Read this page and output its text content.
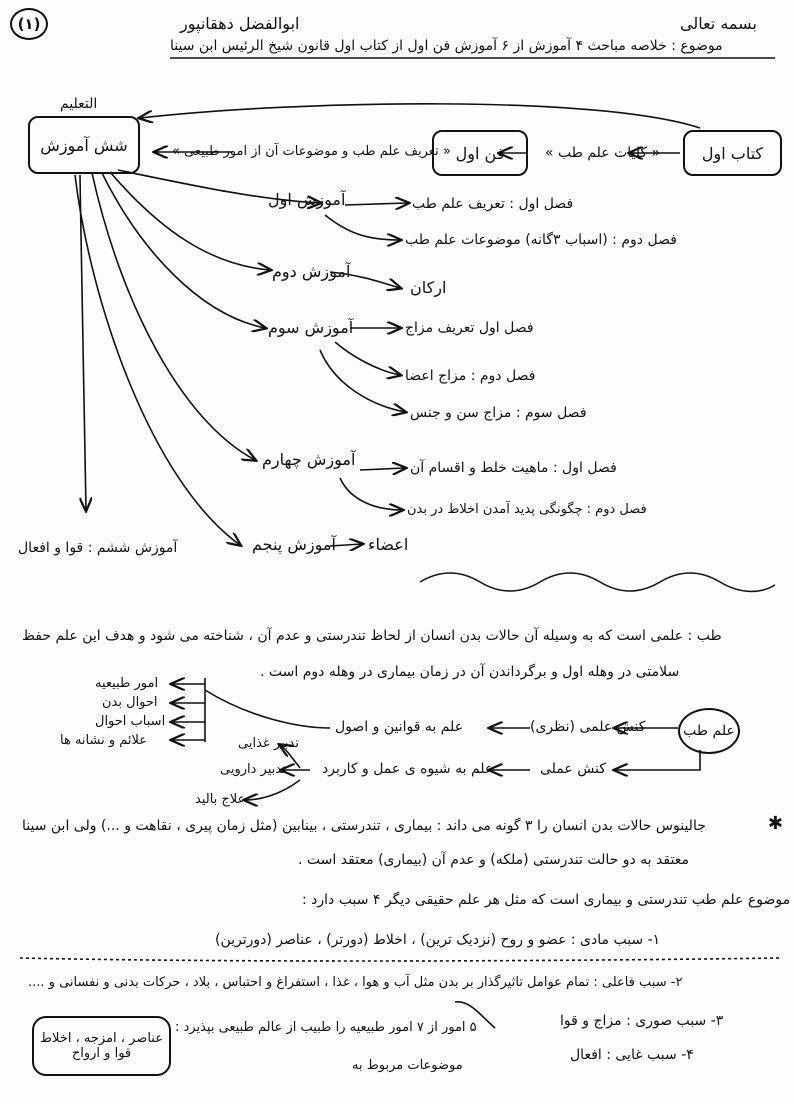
✱
(۱)	ابوالفضل دهقانپور	بسمه تعالی
موضوع : خلاصه مباحث ۴ آموزش از ۶ آموزش فن اول از کتاب اول قانون شیخ الرئیس ابن سینا
کتاب اول
« کلیات علم طب »
فن اول
« تعریف علم طب و موضوعات آن از امور طبیعی »
التعلیم
شش آموزش
آموزش اول	فصل اول : تعریف علم طب
فصل دوم : (اسباب ۳گانه) موضوعات علم طب
آموزش دوم
ارکان
آموزش سوم	فصل اول تعریف مزاج
فصل دوم : مزاج اعضا
فصل سوم : مزاج سن و جنس
آموزش چهارم	فصل اول : ماهیت خلط و اقسام آن
فصل دوم : چگونگی پدید آمدن اخلاط در بدن
آموزش پنجم اعضاء
آموزش ششم : قوا و افعال
طب : علمی است که به وسیله آن حالات بدن انسان از لحاظ تندرستی و عدم آن ، شناخته می شود و هدف این علم حفظ
سلامتی در وهله اول و برگرداندن آن در زمان بیماری در وهله دوم است .
علم طب
کنش علمی (نظری)
علم به قوانین و اصول
کنش عملی
علم به شیوه ی عمل و کاربرد
امور طبیعیه
احوال بدن
اسباب احوال
علائم و نشانه ها	تدبیر غذایی
تدبیر دارویی
علاج بالید
جالینوس حالات بدن انسان را ۳ گونه می داند : بیماری ، تندرستی ، بینابین (مثل زمان پیری ، نقاهت و ...) ولی ابن سینا
معتقد به دو حالت تندرستی (ملکه) و عدم آن (بیماری) معتقد است .
موضوع علم طب تندرستی و بیماری است که مثل هر علم حقیقی دیگر ۴ سبب دارد :
۱- سبب مادی : عضو و روح (نزدیک ترین) ، اخلاط (دورتر) ، عناصر (دورترین)
۲- سبب فاعلی : تمام عوامل تاثیرگذار بر بدن مثل آب و هوا ، غذا ، استفراغ و احتباس ، بلاد ، حرکات بدنی و نفسانی و ....
۳- سبب صوری : مزاج و قوا
۴- سبب غایی : افعال
۵ امور از ۷ امور طبیعیه را طبیب از عالم طبیعی بپذیرد :
موضوعات مربوط به
عناصر ، امزجه ، اخلاط
قوا و ارواح
